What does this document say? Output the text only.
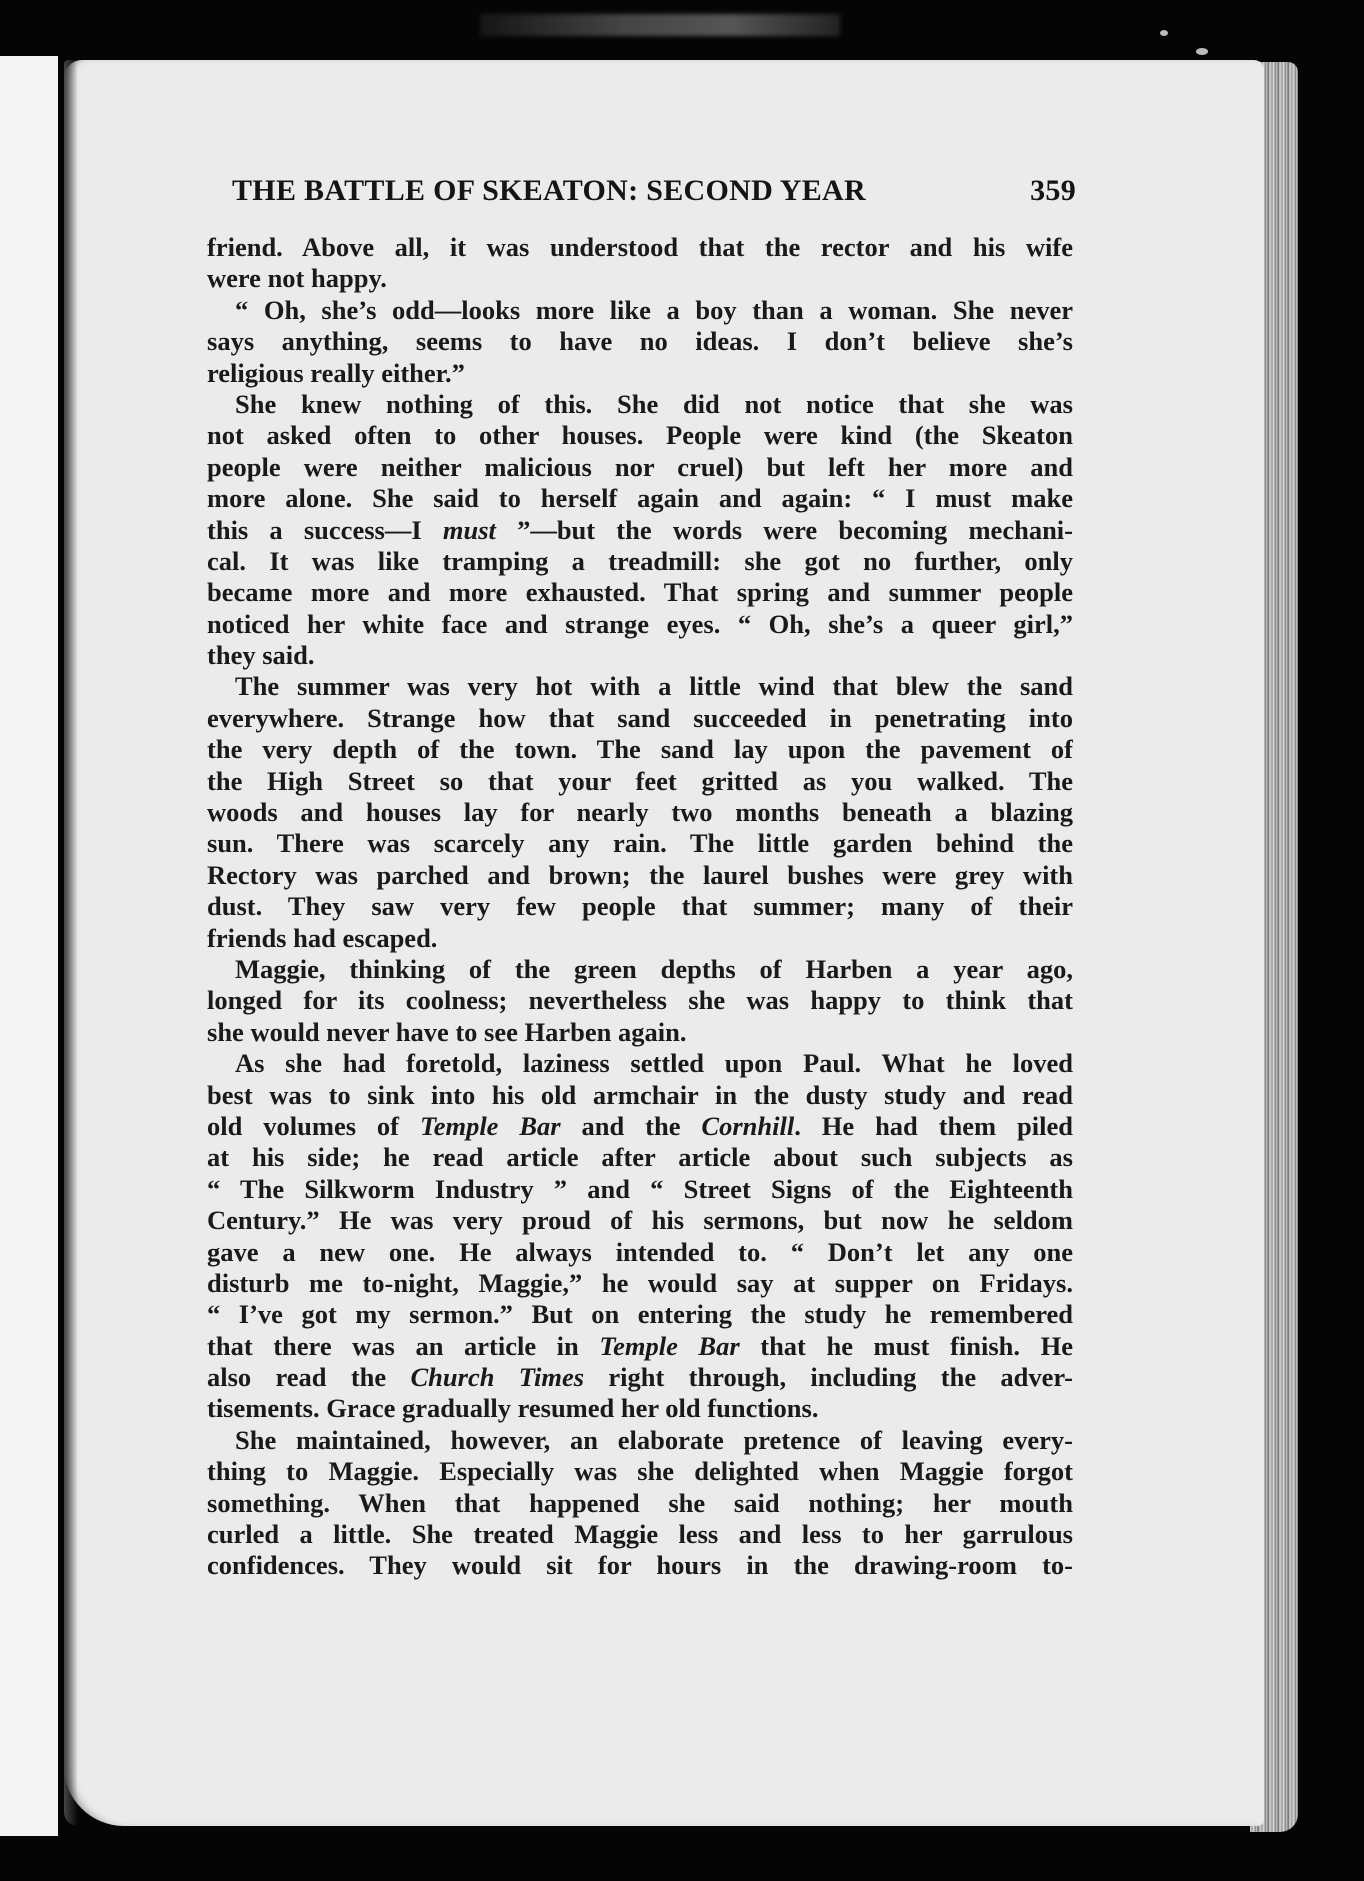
THE BATTLE OF SKEATON: SECOND YEAR	359
friend. Above all, it was understood that the rector and his wife
were not happy.
“ Oh, she’s odd—looks more like a boy than a woman. She never
says anything, seems to have no ideas. I don’t believe she’s
religious really either.”
She knew nothing of this. She did not notice that she was
not asked often to other houses. People were kind (the Skeaton
people were neither malicious nor cruel) but left her more and
more alone. She said to herself again and again: “ I must make
this a success—I must ”—but the words were becoming mechani-
cal. It was like tramping a treadmill: she got no further, only
became more and more exhausted. That spring and summer people
noticed her white face and strange eyes. “ Oh, she’s a queer girl,”
they said.
The summer was very hot with a little wind that blew the sand
everywhere. Strange how that sand succeeded in penetrating into
the very depth of the town. The sand lay upon the pavement of
the High Street so that your feet gritted as you walked. The
woods and houses lay for nearly two months beneath a blazing
sun. There was scarcely any rain. The little garden behind the
Rectory was parched and brown; the laurel bushes were grey with
dust. They saw very few people that summer; many of their
friends had escaped.
Maggie, thinking of the green depths of Harben a year ago,
longed for its coolness; nevertheless she was happy to think that
she would never have to see Harben again.
As she had foretold, laziness settled upon Paul. What he loved
best was to sink into his old armchair in the dusty study and read
old volumes of Temple Bar and the Cornhill. He had them piled
at his side; he read article after article about such subjects as
“ The Silkworm Industry ” and “ Street Signs of the Eighteenth
Century.” He was very proud of his sermons, but now he seldom
gave a new one. He always intended to. “ Don’t let any one
disturb me to-night, Maggie,” he would say at supper on Fridays.
“ I’ve got my sermon.” But on entering the study he remembered
that there was an article in Temple Bar that he must finish. He
also read the Church Times right through, including the adver-
tisements. Grace gradually resumed her old functions.
She maintained, however, an elaborate pretence of leaving every-
thing to Maggie. Especially was she delighted when Maggie forgot
something. When that happened she said nothing; her mouth
curled a little. She treated Maggie less and less to her garrulous
confidences. They would sit for hours in the drawing-room to-
